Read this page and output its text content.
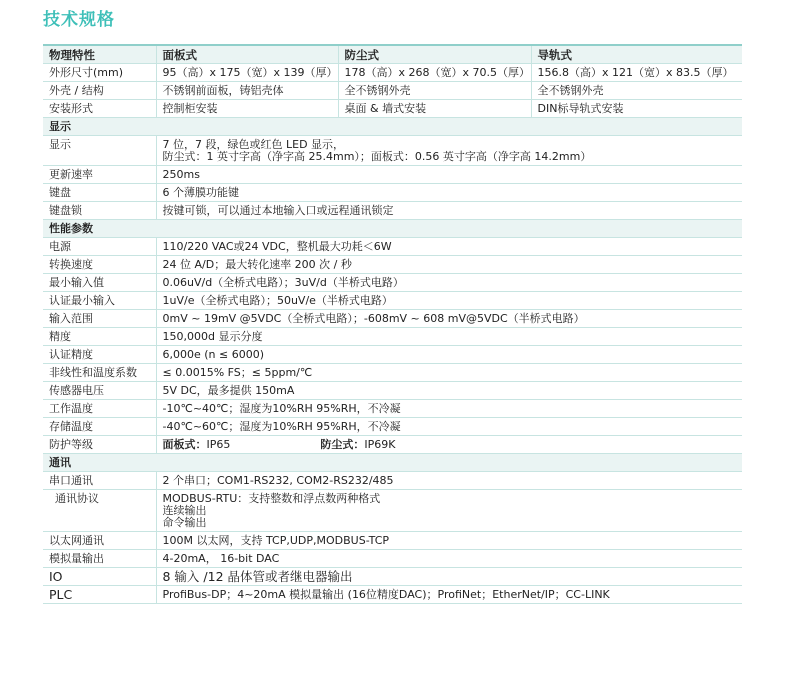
技术规格
物理特性	面板式	防尘式	导轨式
外形尺寸(mm)	95（高）x 175（宽）x 139（厚）	178（高）x 268（宽）x 70.5（厚）	156.8（高）x 121（宽）x 83.5（厚）
外壳 / 结构	不锈钢前面板，铸铝壳体	全不锈钢外壳	全不锈钢外壳
安装形式	控制柜安装	桌面 & 墙式安装	DIN标导轨式安装
显示			
显示	7 位，7 段，绿色或红色 LED 显示，
防尘式：1 英寸字高（净字高 25.4mm）；面板式：0.56 英寸字高（净字高 14.2mm）		

更新速率	250ms		
键盘	6 个薄膜功能键		
键盘锁	按键可锁，可以通过本地输入口或远程通讯锁定		
性能参数			
电源	110/220 VAC或24 VDC，整机最大功耗＜6W		
转换速度	24 位 A/D；最大转化速率 200 次 / 秒		
最小输入值	0.06uV/d（全桥式电路）；3uV/d（半桥式电路）		
认证最小输入	1uV/e（全桥式电路）；50uV/e（半桥式电路）		
输入范围	0mV ~ 19mV @5VDC（全桥式电路）；-608mV ~ 608 mV@5VDC（半桥式电路）		
精度	150,000d 显示分度		
认证精度	6,000e (n ≤ 6000)		
非线性和温度系数	≤ 0.0015% FS；≤ 5ppm/℃		
传感器电压	5V DC，最多提供 150mA		
工作温度	-10℃~40℃；湿度为10%RH 95%RH，不冷凝		
存储温度	-40℃~60℃；湿度为10%RH 95%RH，不冷凝		
防护等级	面板式：IP65 防尘式：IP69K		
通讯			
串口通讯	2 个串口；COM1-RS232, COM2-RS232/485		
通讯协议	MODBUS-RTU：支持整数和浮点数两种格式
连续输出
命令输出		

以太网通讯	100M 以太网，支持 TCP,UDP,MODBUS-TCP		
模拟量输出	4-20mA， 16-bit DAC		
IO	8 输入 /12 晶体管或者继电器输出		
PLC	ProfiBus-DP；4~20mA 模拟量输出 (16位精度DAC)；ProfiNet；EtherNet/IP；CC-LINK		
